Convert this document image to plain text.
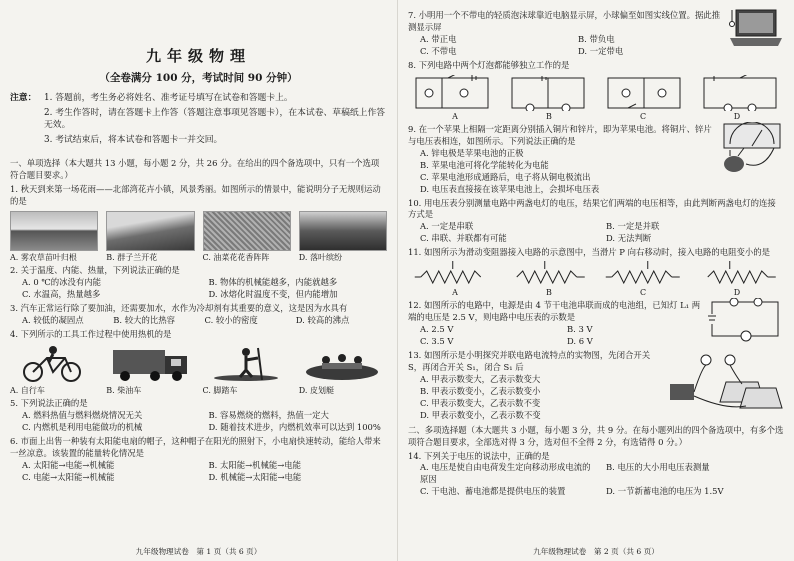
九年级物理
（全卷满分 100 分，考试时间 90 分钟）
注意： 1. 答题前，考生务必将姓名、准考证号填写在试卷和答题卡上。
2. 考生作答时，请在答题卡上作答（答题注意事项见答题卡），在本试卷、草稿纸上作答无效。
3. 考试结束后，将本试卷和答题卡一并交回。
一、单项选择（本大题共 13 小题，每小题 2 分，共 26 分。在给出的四个备选项中，只有一个选项符合题目要求。）
1. 秋天到来第一场花雨——北部湾花卉小镇，风景秀丽。如图所示的情景中，能说明分子无规则运动的是
A. 雾农草苗叶归根	B. 群子兰开花	C. 油菜花花香阵阵	D. 落叶缤纷
2. 关于温度、内能、热量，下列说法正确的是
A. 0 ℃的冰没有内能	B. 物体的机械能越多，内能就越多
C. 水温高，热量越多	D. 冰熔化时温度不变，但内能增加
3. 汽车正常运行除了要加油，还需要加水，水作为冷却剂有其重要的意义，这是因为水具有
A. 较低的凝固点	B. 较大的比热容	C. 较小的密度	D. 较高的沸点
4. 下列所示的工具工作过程中使用热机的是
A. 自行车	B. 柴油车	C. 脚踏车	D. 皮划艇
5. 下列说法正确的是
A. 燃料热值与燃料燃烧情况无关	B. 容易燃烧的燃料，热值一定大
C. 内燃机是利用电能做功的机械	D. 随着技术进步，内燃机效率可以达到 100%
6. 市面上出售一种装有太阳能电扇的帽子，这种帽子在阳光的照射下，小电扇快速转动，能给人带来一丝凉意。该装置的能量转化情况是
A. 太阳能→电能→机械能	B. 太阳能→机械能→电能
C. 电能→太阳能→机械能	D. 机械能→太阳能→电能
九年级物理试卷　第 1 页（共 6 页）
7. 小明用一个不带电的轻质泡沫球靠近电脑显示屏，小球偏至如图实线位置。据此推测显示屏
A. 带正电	B. 带负电
C. 不带电	D. 一定带电
8. 下列电路中两个灯泡都能够独立工作的是
A	B	C	D
9. 在一个苹果上相隔一定距离分别插入铜片和锌片，即为苹果电池。将铜片、锌片与电压表相连，如图所示。下列说法正确的是
A. 锌电极是苹果电池的正极
B. 苹果电池可将化学能转化为电能
C. 苹果电池形成通路后，电子将从铜电极流出
D. 电压表直接接在该苹果电池上，会损坏电压表
10. 用电压表分别测量电路中两盏电灯的电压，结果它们两端的电压相等，由此判断两盏电灯的连接方式是
A. 一定是串联	B. 一定是并联
C. 串联、并联都有可能	D. 无法判断
11. 如图所示为滑动变阻器接入电路的示意图中，当滑片 P 向右移动时，接入电路的电阻变小的是
A	B	C	D
12. 如图所示的电路中，电源是由 4 节干电池串联而成的电池组，已知灯 L₁ 两端的电压是 2.5 V，则电路中电压表的示数是
A. 2.5 V	B. 3 V
C. 3.5 V	D. 6 V
13. 如图所示是小明探究并联电路电流特点的实物图，先闭合开关 S，再闭合开关 S₁，闭合 S₁ 后
A. 甲表示数变大，乙表示数变大
B. 甲表示数变小，乙表示数变小
C. 甲表示数变大，乙表示数不变
D. 甲表示数变小，乙表示数不变
二、多项选择题（本大题共 3 小题，每小题 3 分，共 9 分。在每小题列出的四个备选项中，有多个选项符合题目要求，全部选对得 3 分，选对但不全得 2 分，有选错得 0 分。）
14. 下列关于电压的说法中，正确的是
A. 电压是使自由电荷发生定向移动形成电流的原因
B. 电压的大小用电压表测量
C. 干电池、蓄电池都是提供电压的装置	D. 一节新蓄电池的电压为 1.5V
九年级物理试卷　第 2 页（共 6 页）
